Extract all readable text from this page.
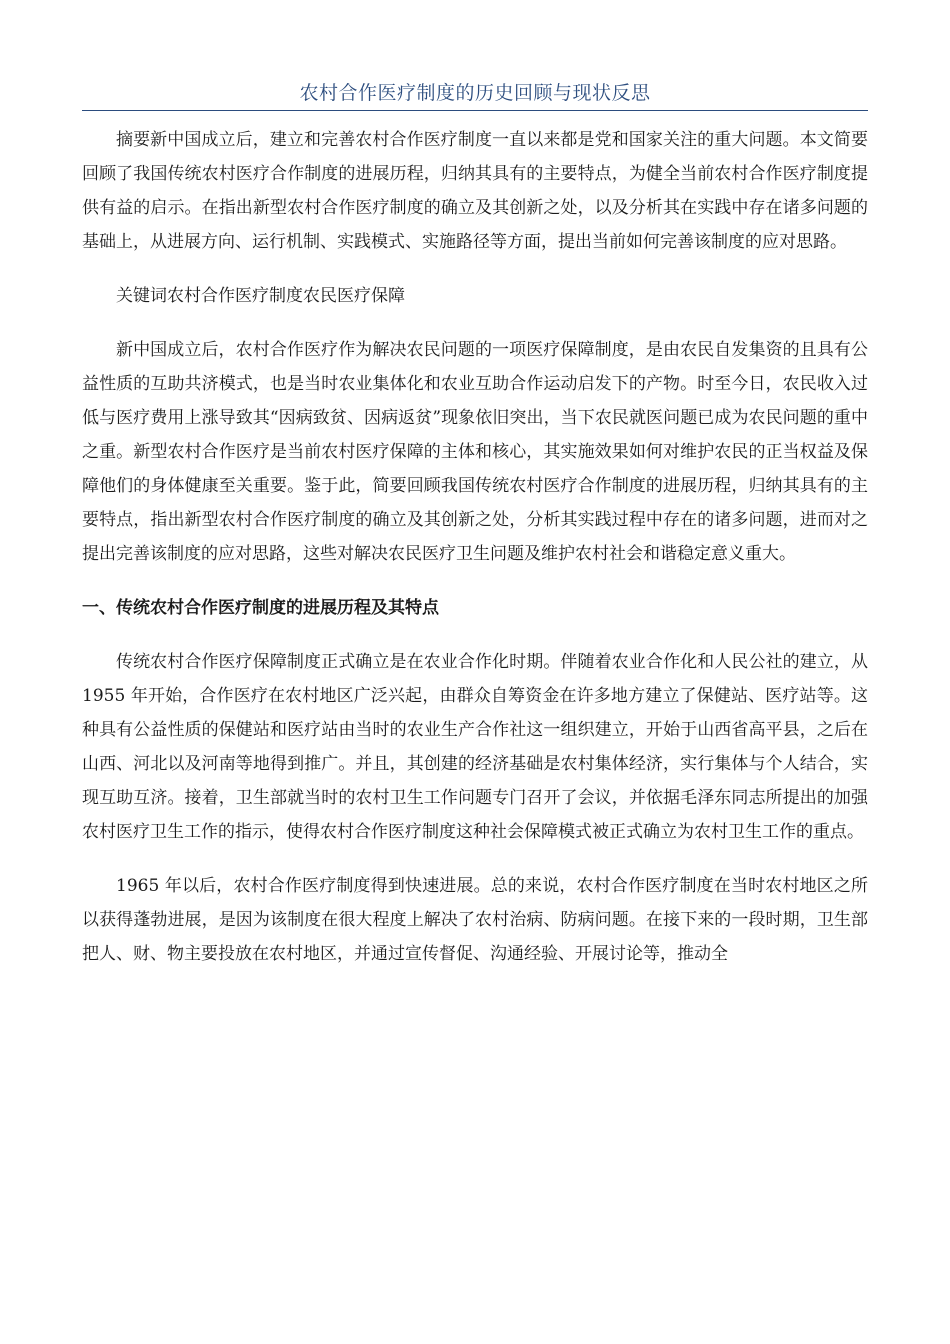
农村合作医疗制度的历史回顾与现状反思

摘要新中国成立后，建立和完善农村合作医疗制度一直以来都是党和国家关注的重大问题。本文简要回顾了我国传统农村医疗合作制度的进展历程，归纳其具有的主要特点，为健全当前农村合作医疗制度提供有益的启示。在指出新型农村合作医疗制度的确立及其创新之处，以及分析其在实践中存在诸多问题的基础上，从进展方向、运行机制、实践模式、实施路径等方面，提出当前如何完善该制度的应对思路。

关键词农村合作医疗制度农民医疗保障

新中国成立后，农村合作医疗作为解决农民问题的一项医疗保障制度，是由农民自发集资的且具有公益性质的互助共济模式，也是当时农业集体化和农业互助合作运动启发下的产物。时至今日，农民收入过低与医疗费用上涨导致其“因病致贫、因病返贫”现象依旧突出，当下农民就医问题已成为农民问题的重中之重。新型农村合作医疗是当前农村医疗保障的主体和核心，其实施效果如何对维护农民的正当权益及保障他们的身体健康至关重要。鉴于此，简要回顾我国传统农村医疗合作制度的进展历程，归纳其具有的主要特点，指出新型农村合作医疗制度的确立及其创新之处，分析其实践过程中存在的诸多问题，进而对之提出完善该制度的应对思路，这些对解决农民医疗卫生问题及维护农村社会和谐稳定意义重大。

一、传统农村合作医疗制度的进展历程及其特点

传统农村合作医疗保障制度正式确立是在农业合作化时期。伴随着农业合作化和人民公社的建立，从 1955 年开始，合作医疗在农村地区广泛兴起，由群众自筹资金在许多地方建立了保健站、医疗站等。这种具有公益性质的保健站和医疗站由当时的农业生产合作社这一组织建立，开始于山西省高平县，之后在山西、河北以及河南等地得到推广。并且，其创建的经济基础是农村集体经济，实行集体与个人结合，实现互助互济。接着，卫生部就当时的农村卫生工作问题专门召开了会议，并依据毛泽东同志所提出的加强农村医疗卫生工作的指示，使得农村合作医疗制度这种社会保障模式被正式确立为农村卫生工作的重点。

1965 年以后，农村合作医疗制度得到快速进展。总的来说，农村合作医疗制度在当时农村地区之所以获得蓬勃进展，是因为该制度在很大程度上解决了农村治病、防病问题。在接下来的一段时期，卫生部把人、财、物主要投放在农村地区，并通过宣传督促、沟通经验、开展讨论等，推动全
